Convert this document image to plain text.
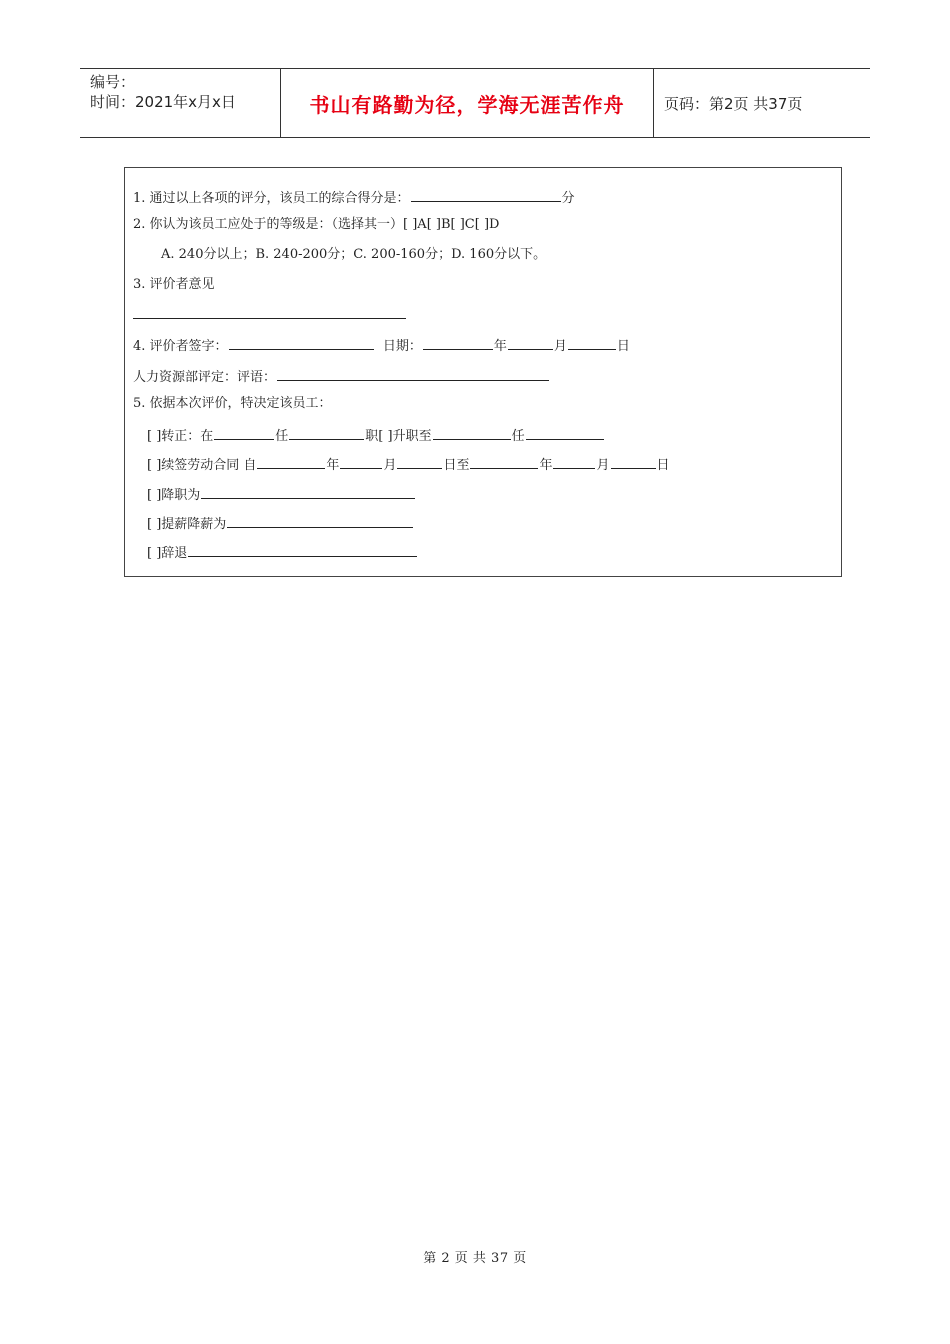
编号：
时间：2021年x月x日	书山有路勤为径，学海无涯苦作舟	页码：第2页 共37页
1. 通过以上各项的评分，该员工的综合得分是：	分
2. 你认为该员工应处于的等级是：（选择其一）[ ]A[ ]B[ ]C[ ]D
A. 240分以上；B. 240-200分；C. 200-160分；D. 160分以下。
3. 评价者意见
4. 评价者签字：	日期：	年	月	日
人力资源部评定：评语：
5. 依据本次评价，特决定该员工：
[ ]转正：在	任	职[ ]升职至	任
[ ]续签劳动合同 自	年	月	日至	年	月	日
[ ]降职为
[ ]提薪降薪为
[ ]辞退
第 2 页 共 37 页
